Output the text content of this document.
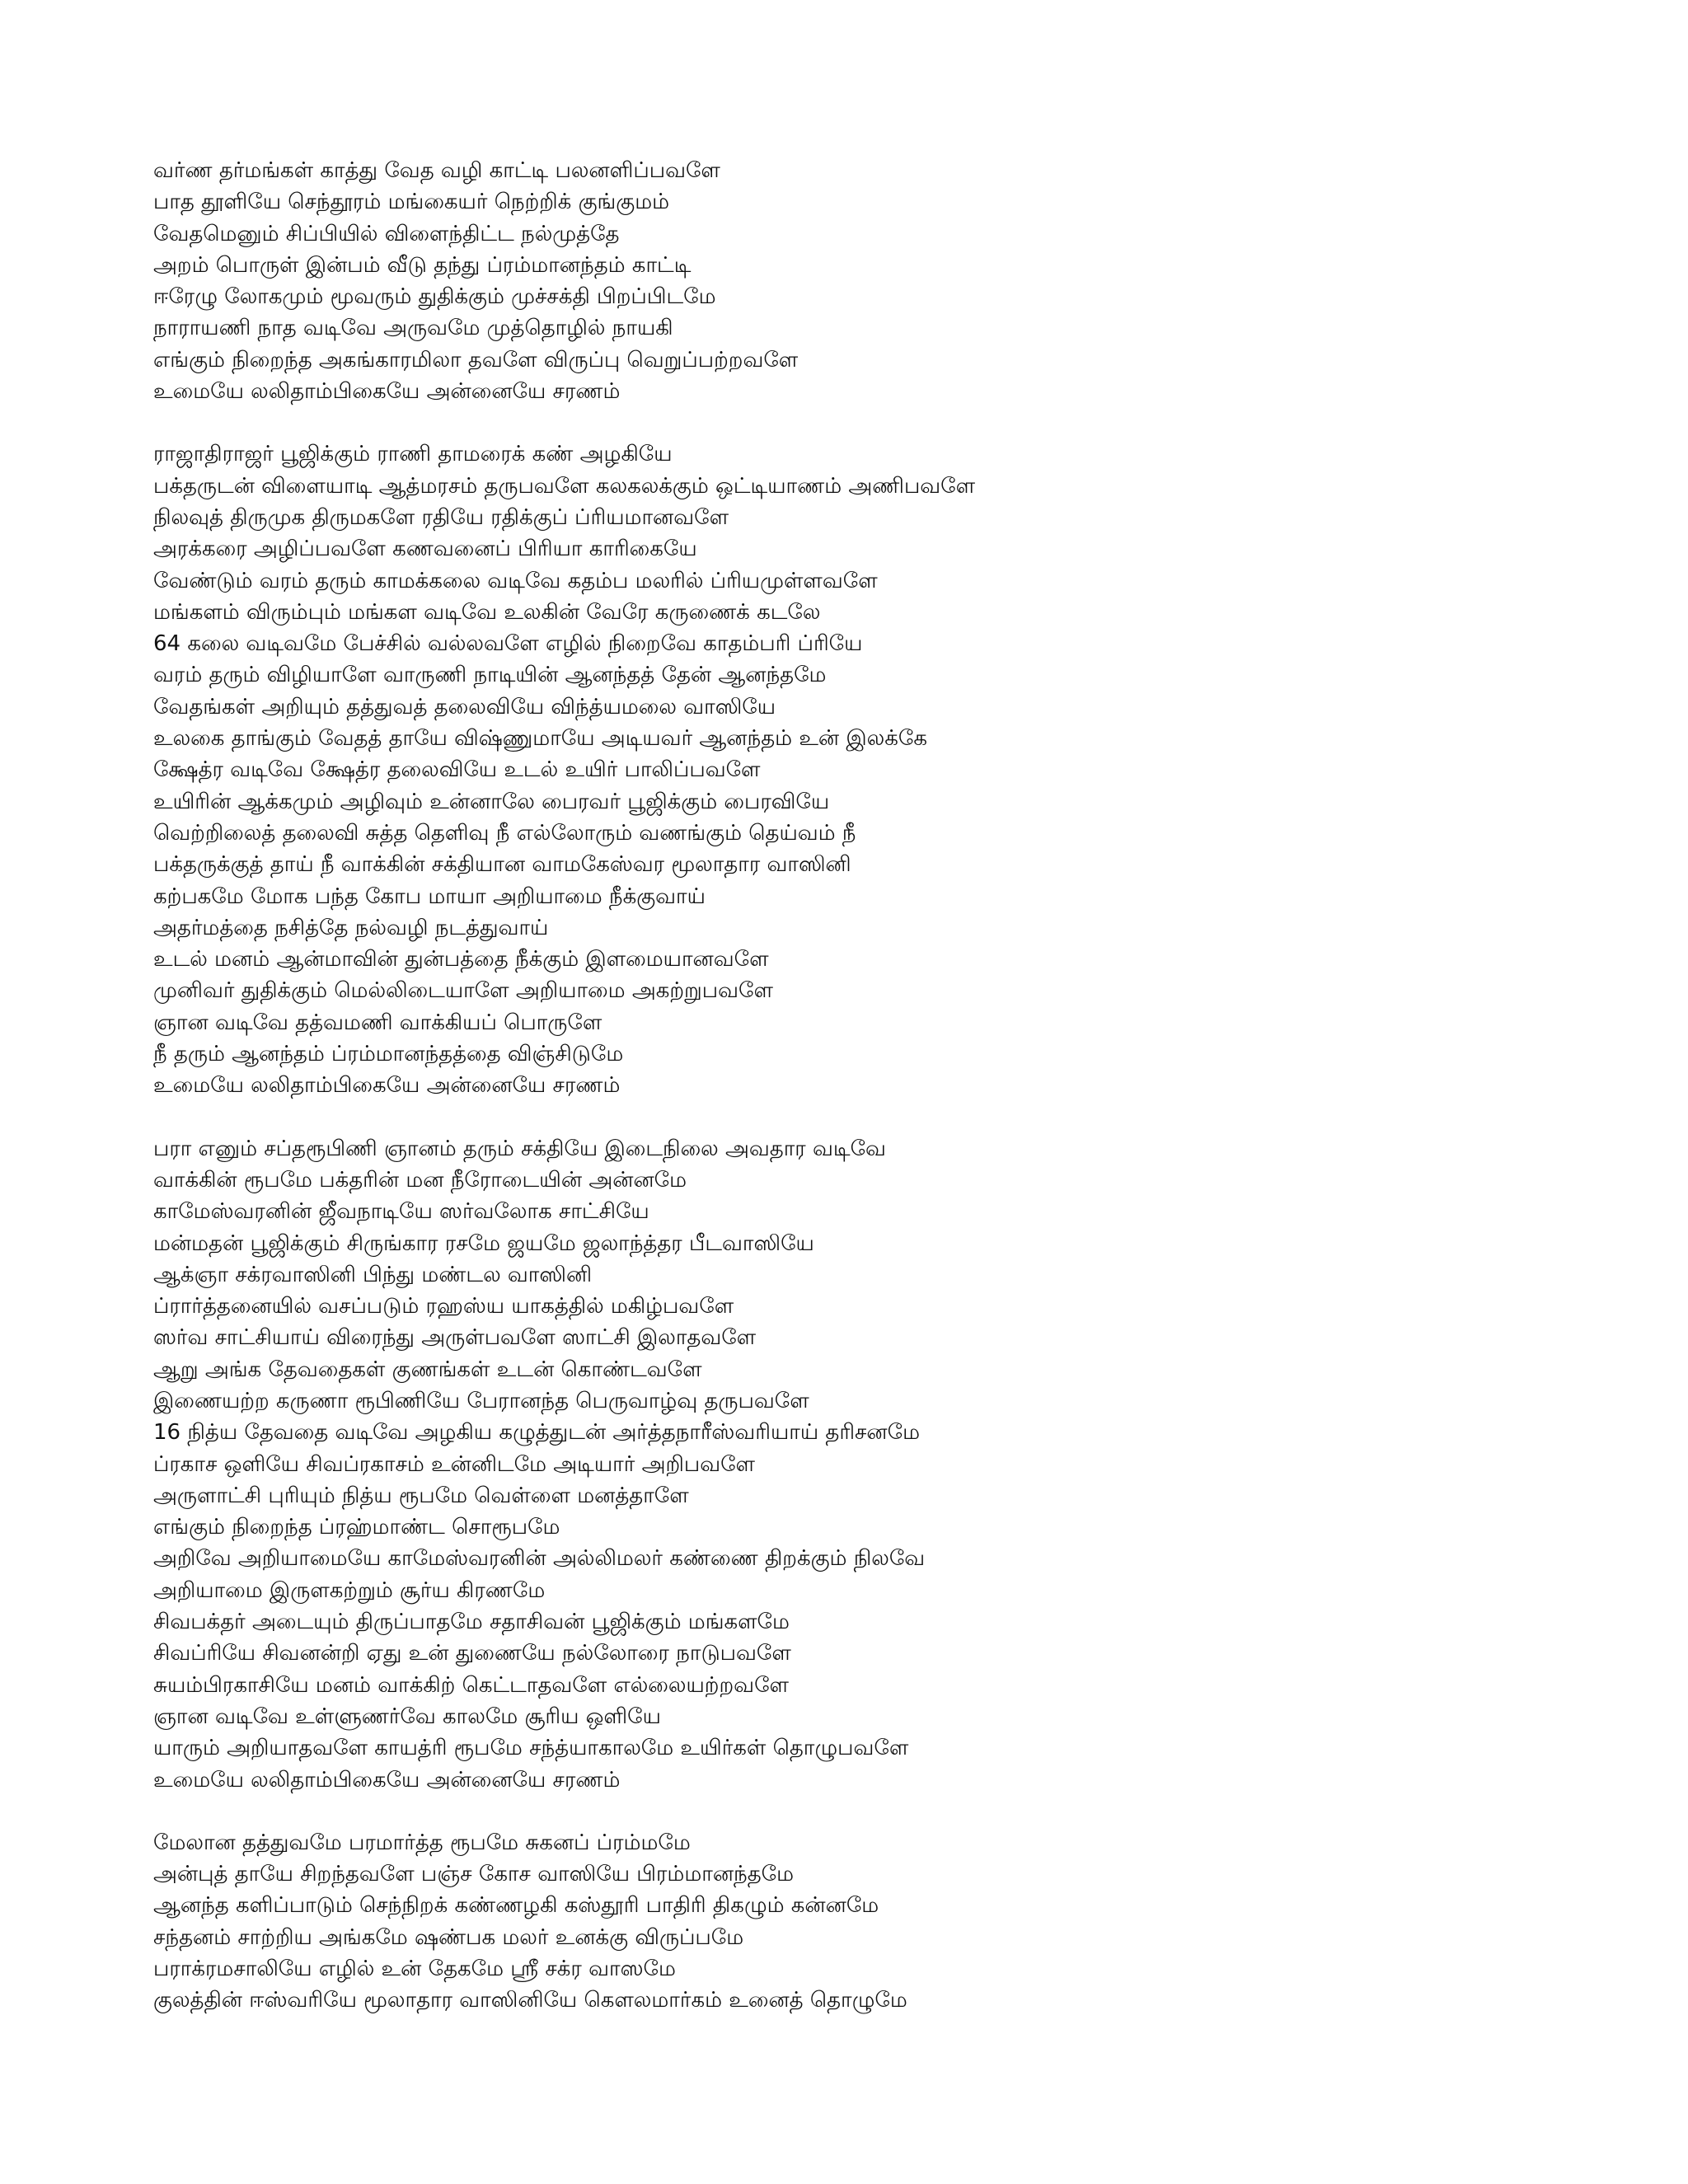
வர்ண தர்மங்கள் காத்து வேத வழி காட்டி பலனளிப்பவளே
பாத தூளியே செந்தூரம் மங்கையர் நெற்றிக் குங்குமம்
வேதமெனும் சிப்பியில் விளைந்திட்ட நல்முத்தே
அறம் பொருள் இன்பம் வீடு தந்து ப்ரம்மானந்தம் காட்டி
ஈரேழு லோகமும் மூவரும் துதிக்கும் முச்சக்தி பிறப்பிடமே
நாராயணி நாத வடிவே அருவமே முத்தொழில் நாயகி
எங்கும் நிறைந்த அகங்காரமிலா தவளே விருப்பு வெறுப்பற்றவளே
உமையே லலிதாம்பிகையே அன்னையே சரணம்
ராஜாதிராஜர் பூஜிக்கும் ராணி தாமரைக் கண் அழகியே
பக்தருடன் விளையாடி ஆத்மரசம் தருபவளே கலகலக்கும் ஒட்டியாணம் அணிபவளே
நிலவுத் திருமுக திருமகளே ரதியே ரதிக்குப் ப்ரியமானவளே
அரக்கரை அழிப்பவளே கணவனைப் பிரியா காரிகையே
வேண்டும் வரம் தரும் காமக்கலை வடிவே கதம்ப மலரில் ப்ரியமுள்ளவளே
மங்களம் விரும்பும் மங்கள வடிவே உலகின் வேரே கருணைக் கடலே
64 கலை வடிவமே பேச்சில் வல்லவளே எழில் நிறைவே காதம்பரி ப்ரியே
வரம் தரும் விழியாளே வாருணி நாடியின் ஆனந்தத் தேன் ஆனந்தமே
வேதங்கள் அறியும் தத்துவத் தலைவியே விந்த்யமலை வாஸியே
உலகை தாங்கும் வேதத் தாயே விஷ்ணுமாயே அடியவர் ஆனந்தம் உன் இலக்கே
க்ஷேத்ர வடிவே க்ஷேத்ர தலைவியே உடல் உயிர் பாலிப்பவளே
உயிரின் ஆக்கமும் அழிவும் உன்னாலே பைரவர் பூஜிக்கும் பைரவியே
வெற்றிலைத் தலைவி சுத்த தெளிவு நீ எல்லோரும் வணங்கும் தெய்வம் நீ
பக்தருக்குத் தாய் நீ வாக்கின் சக்தியான வாமகேஸ்வர மூலாதார வாஸினி
கற்பகமே மோக பந்த கோப மாயா அறியாமை நீக்குவாய்
அதர்மத்தை நசித்தே நல்வழி நடத்துவாய்
உடல் மனம் ஆன்மாவின் துன்பத்தை நீக்கும் இளமையானவளே
முனிவர் துதிக்கும் மெல்லிடையாளே அறியாமை அகற்றுபவளே
ஞான வடிவே தத்வமணி வாக்கியப் பொருளே
நீ தரும் ஆனந்தம் ப்ரம்மானந்தத்தை விஞ்சிடுமே
உமையே லலிதாம்பிகையே அன்னையே சரணம்
பரா எனும் சப்தரூபிணி ஞானம் தரும் சக்தியே இடைநிலை அவதார வடிவே
வாக்கின் ரூபமே பக்தரின் மன நீரோடையின் அன்னமே
காமேஸ்வரனின் ஜீவநாடியே ஸர்வலோக சாட்சியே
மன்மதன் பூஜிக்கும் சிருங்கார ரசமே ஜயமே ஜலாந்த்தர பீடவாஸியே
ஆக்ஞா சக்ரவாஸினி பிந்து மண்டல வாஸினி
ப்ரார்த்தனையில் வசப்படும் ரஹஸ்ய யாகத்தில் மகிழ்பவளே
ஸர்வ சாட்சியாய் விரைந்து அருள்பவளே ஸாட்சி இலாதவளே
ஆறு அங்க தேவதைகள் குணங்கள் உடன் கொண்டவளே
இணையற்ற கருணா ரூபிணியே பேரானந்த பெருவாழ்வு தருபவளே
16 நித்ய தேவதை வடிவே அழகிய கழுத்துடன் அர்த்தநாரீஸ்வரியாய் தரிசனமே
ப்ரகாச ஒளியே சிவப்ரகாசம் உன்னிடமே அடியார் அறிபவளே
அருளாட்சி புரியும் நித்ய ரூபமே வெள்ளை மனத்தாளே
எங்கும் நிறைந்த ப்ரஹ்மாண்ட சொரூபமே
அறிவே அறியாமையே காமேஸ்வரனின் அல்லிமலர் கண்ணை திறக்கும் நிலவே
அறியாமை இருளகற்றும் சூர்ய கிரணமே
சிவபக்தர் அடையும் திருப்பாதமே சதாசிவன் பூஜிக்கும் மங்களமே
சிவப்ரியே சிவனன்றி ஏது உன் துணையே நல்லோரை நாடுபவளே
சுயம்பிரகாசியே மனம் வாக்கிற் கெட்டாதவளே எல்லையற்றவளே
ஞான வடிவே உள்ளுணர்வே காலமே சூரிய ஒளியே
யாரும் அறியாதவளே காயத்ரி ரூபமே சந்த்யாகாலமே உயிர்கள் தொழுபவளே
உமையே லலிதாம்பிகையே அன்னையே சரணம்
மேலான தத்துவமே பரமார்த்த ரூபமே சுகனப் ப்ரம்மமே
அன்புத் தாயே சிறந்தவளே பஞ்ச கோச வாஸியே பிரம்மானந்தமே
ஆனந்த களிப்பாடும் செந்நிறக் கண்ணழகி கஸ்தூரி பாதிரி திகழும் கன்னமே
சந்தனம் சாற்றிய அங்கமே ஷண்பக மலர் உனக்கு விருப்பமே
பராக்ரமசாலியே எழில் உன் தேகமே ஸ்ரீ சக்ர வாஸமே
குலத்தின் ஈஸ்வரியே மூலாதார வாஸினியே கௌலமார்கம் உனைத் தொழுமே
